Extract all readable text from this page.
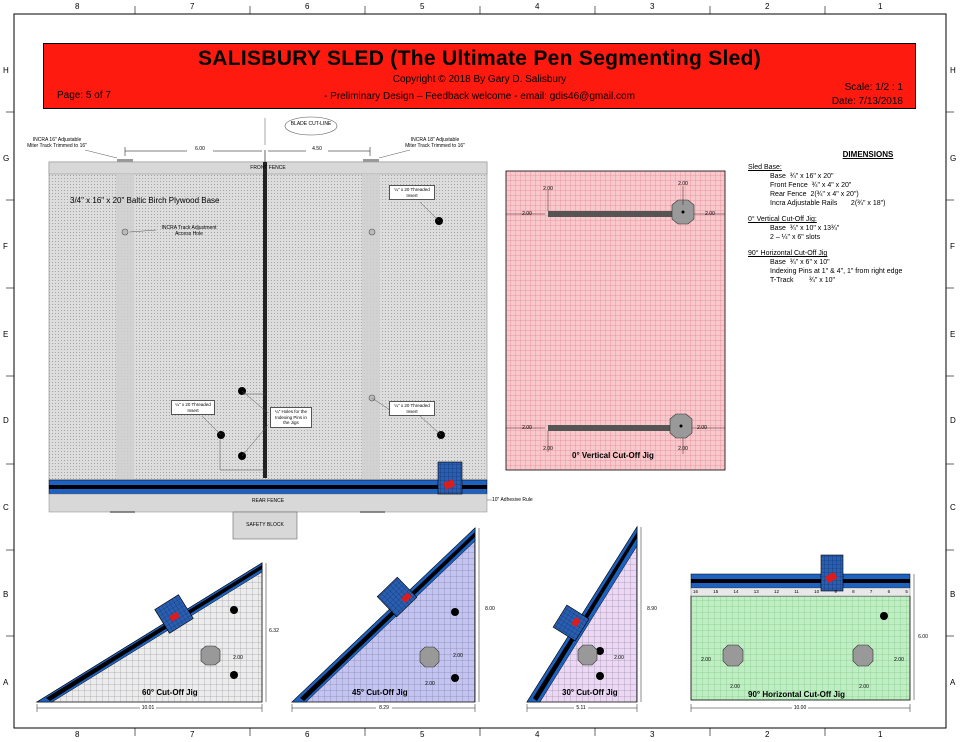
8	7	6	5	4	3	2	1
8	7	6	5	4	3	2	1
H
G
F
E
D
C
B
A
H
G
F
E
D
C
B
A
SALISBURY SLED (The Ultimate Pen Segmenting Sled)
Copyright © 2018 By Gary D. Salisbury
- Preliminary Design – Feedback welcome - email: gdis46@gmail.com
Page: 5 of 7
Scale: 1/2 : 1
Date: 7/13/2018
BLADE CUT-LINE
INCRA 16" Adjustable
Miter Track Trimmed to 16"
INCRA 18" Adjustable
Miter Track Trimmed to 16"
6.00	4.50
FRONT FENCE
3/4" x 16" x 20" Baltic Birch Plywood Base
INCRA Track Adjustment
Access Hole
¼" x 20 Threaded
Insert
¼" x 20 Threaded
Insert
¼" x 20 Threaded
Insert
¼" Holes for the
Indexing Pins in
the Jigs
REAR FENCE	10" Adhesive Rule
SAFETY BLOCK
2.00
2.00
2.00	2.00
2.00	2.00
2.00	2.00
0° Vertical Cut-Off Jig
DIMENSIONS
Sled Base:
Base  ¾" x 16" x 20"
Front Fence  ¾" x 4" x 20"
Rear Fence  2(¾" x 4" x 20")
Incra Adjustable Rails       2(¾" x 18")
0° Vertical Cut-Off Jig:
Base  ¾" x 10" x 13¾"
2 – ¼" x 6" slots
90° Horizontal Cut-Off Jig
Base  ¾" x 6" x 10"
Indexing Pins at 1" & 4", 1" from right edge
T-Track        ¾" x 10"
60° Cut-Off Jig
10.01
6.32
2.00
45° Cut-Off Jig
8.29
8.00
2.00
2.00
30° Cut-Off Jig
5.11
8.90
2.00
90° Horizontal Cut-Off Jig
10.00
6.00
2.00	2.00
2.00	2.00
16	15	14	13	12	11	10	9	8	7	6	5
